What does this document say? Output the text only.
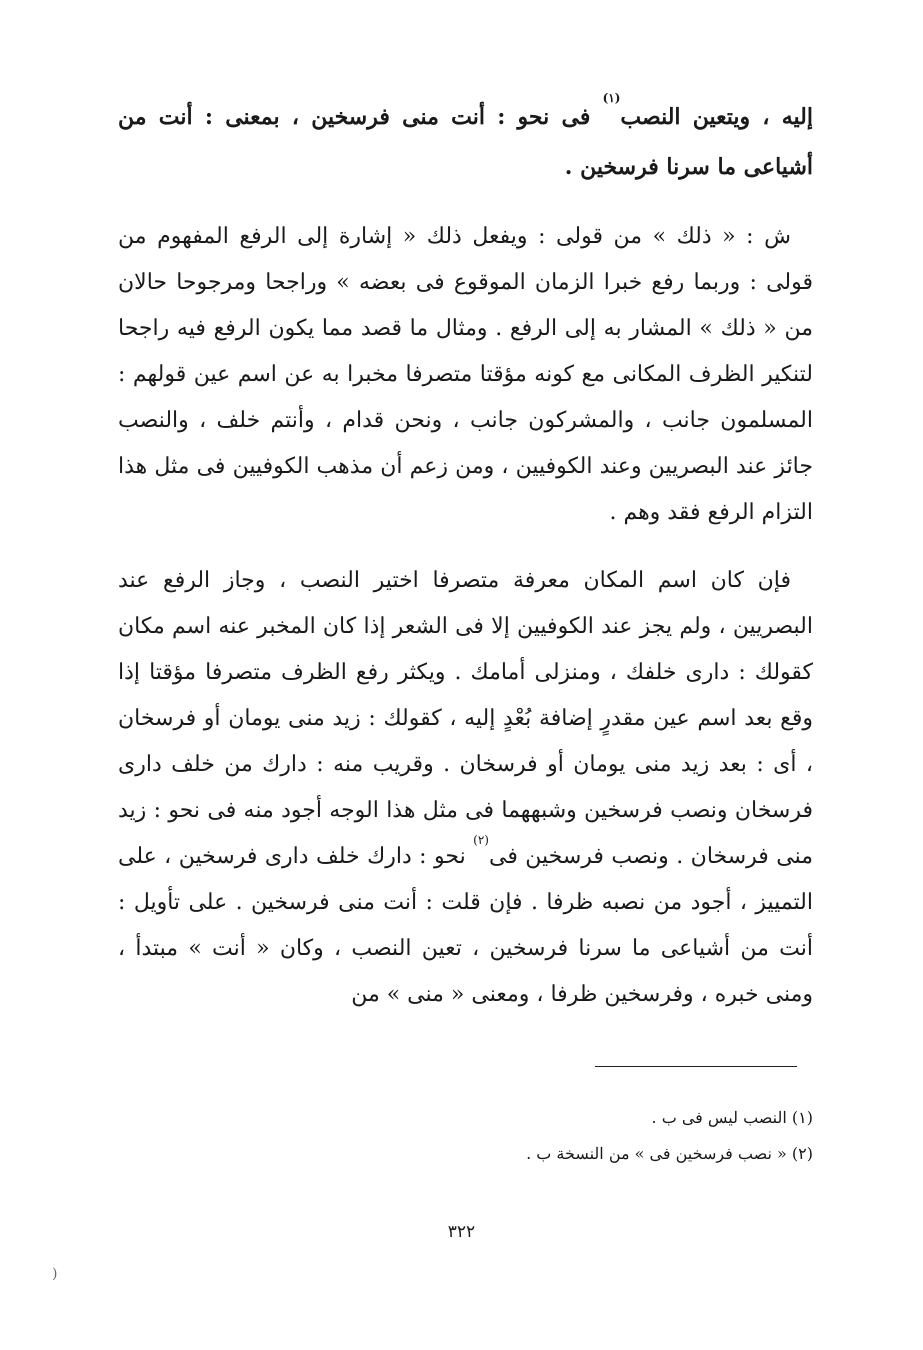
إليه ، ويتعين النصب$^{(١)}$ فى نحو : أنت منى فرسخين ، بمعنى : أنت من أشياعى ما سرنا فرسخين .

ش : « ذلك » من قولى : ويفعل ذلك « إشارة إلى الرفع المفهوم من قولى : وربما رفع خبرا الزمان الموقوع فى بعضه » وراجحا ومرجوحا حالان من « ذلك » المشار به إلى الرفع . ومثال ما قصد مما يكون الرفع فيه راجحا لتنكير الظرف المكانى مع كونه مؤقتا متصرفا مخبرا به عن اسم عين قولهم : المسلمون جانب ، والمشركون جانب ، ونحن قدام ، وأنتم خلف ، والنصب جائز عند البصريين وعند الكوفيين ، ومن زعم أن مذهب الكوفيين فى مثل هذا التزام الرفع فقد وهم .

فإن كان اسم المكان معرفة متصرفا اختير النصب ، وجاز الرفع عند البصريين ، ولم يجز عند الكوفيين إلا فى الشعر إذا كان المخبر عنه اسم مكان كقولك : دارى خلفك ، ومنزلى أمامك . ويكثر رفع الظرف متصرفا مؤقتا إذا وقع بعد اسم عين مقدرٍ إضافة بُعْدٍ إليه ، كقولك : زيد منى يومان أو فرسخان ، أى : بعد زيد منى يومان أو فرسخان . وقريب منه : دارك من خلف دارى فرسخان ونصب فرسخين وشبههما فى مثل هذا الوجه أجود منه فى نحو : زيد منى فرسخان . ونصب فرسخين فى$^{(٢)}$ نحو : دارك خلف دارى فرسخين ، على التمييز ، أجود من نصبه ظرفا . فإن قلت : أنت منى فرسخين . على تأويل : أنت من أشياعى ما سرنا فرسخين ، تعين النصب ، وكان « أنت » مبتدأ ، ومنى خبره ، وفرسخين ظرفا ، ومعنى « منى » من

(١) النصب ليس فى ب .
(٢) « نصب فرسخين فى » من النسخة ب .
٣٢٢
(
